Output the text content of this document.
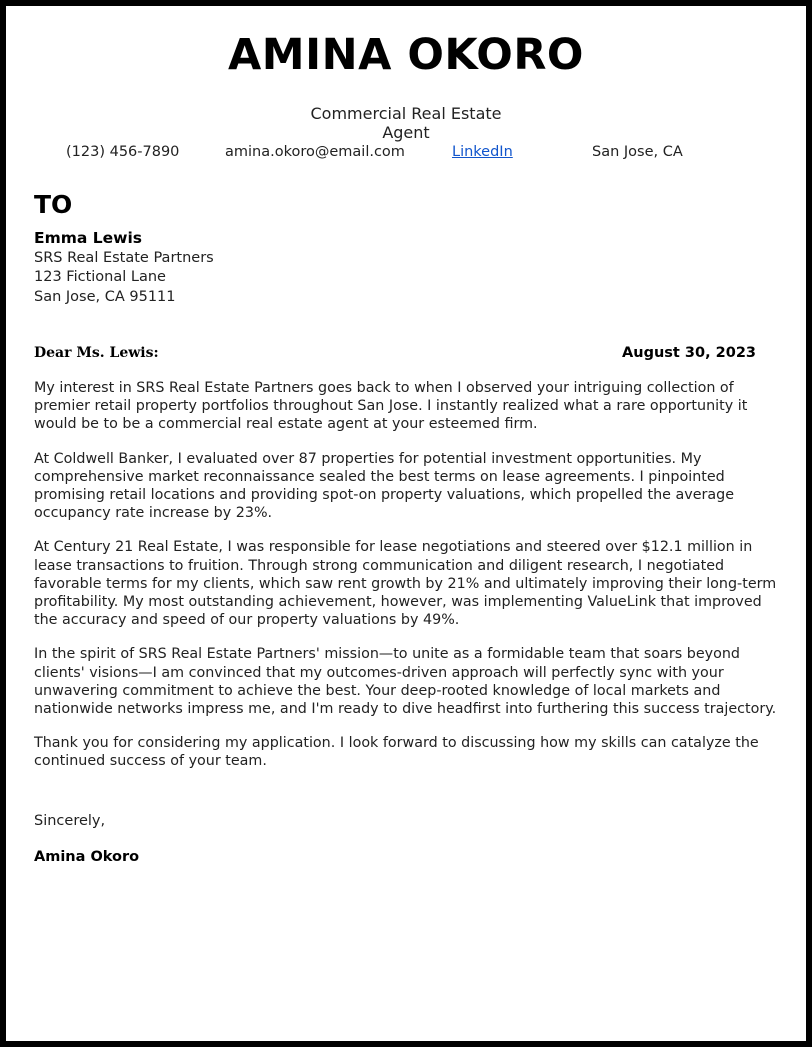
AMINA OKORO
Commercial Real Estate
Agent
(123) 456-7890	amina.okoro@email.com	LinkedIn	San Jose, CA
TO
Emma Lewis
SRS Real Estate Partners
123 Fictional Lane
San Jose, CA 95111
Dear Ms. Lewis:	August 30, 2023

My interest in SRS Real Estate Partners goes back to when I observed your intriguing collection of premier retail property portfolios throughout San Jose. I instantly realized what a rare opportunity it would be to be a commercial real estate agent at your esteemed firm.

At Coldwell Banker, I evaluated over 87 properties for potential investment opportunities. My comprehensive market reconnaissance sealed the best terms on lease agreements. I pinpointed promising retail locations and providing spot-on property valuations, which propelled the average occupancy rate increase by 23%.

At Century 21 Real Estate, I was responsible for lease negotiations and steered over $12.1 million in lease transactions to fruition. Through strong communication and diligent research, I negotiated favorable terms for my clients, which saw rent growth by 21% and ultimately improving their long-term profitability. My most outstanding achievement, however, was implementing ValueLink that improved the accuracy and speed of our property valuations by 49%.

In the spirit of SRS Real Estate Partners' mission—to unite as a formidable team that soars beyond clients' visions—I am convinced that my outcomes-driven approach will perfectly sync with your unwavering commitment to achieve the best. Your deep-rooted knowledge of local markets and nationwide networks impress me, and I'm ready to dive headfirst into furthering this success trajectory.

Thank you for considering my application. I look forward to discussing how my skills can catalyze the continued success of your team.

Sincerely,
Amina Okoro
